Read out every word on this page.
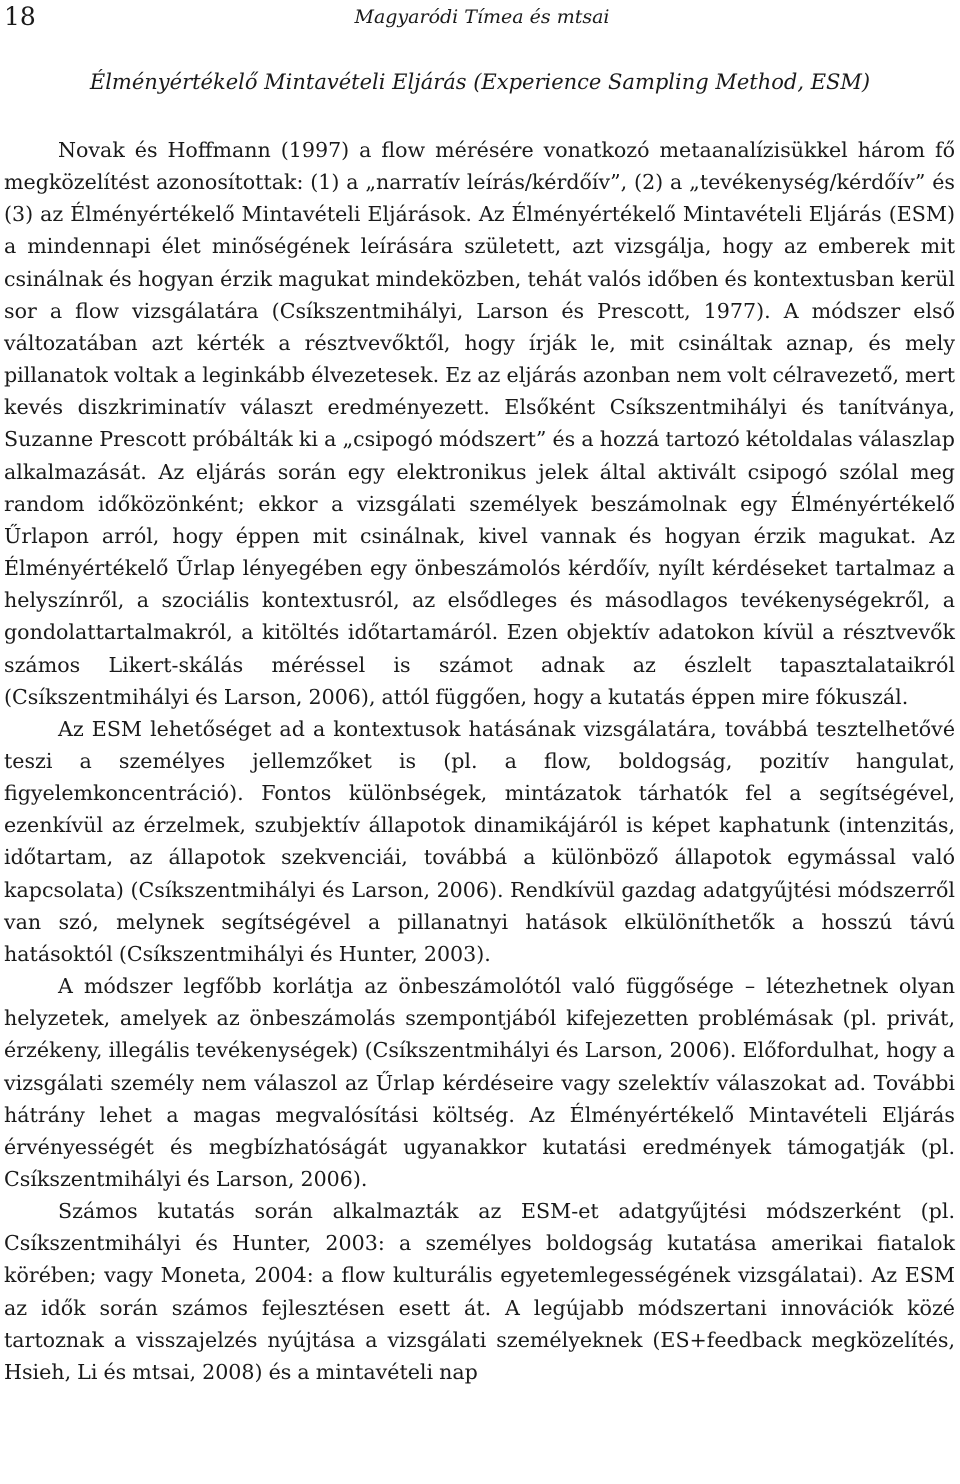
18	Magyaródi Tímea és mtsai
Élményértékelő Mintavételi Eljárás (Experience Sampling Method, ESM)

Novak és Hoffmann (1997) a flow mérésére vonatkozó metaanalízisükkel három fő megközelítést azonosítottak: (1) a „narratív leírás/kérdőív”, (2) a „tevékenység/kérdőív” és (3) az Élményértékelő Mintavételi Eljárások. Az Élményértékelő Mintavételi Eljárás (ESM) a mindennapi élet minőségének leírására született, azt vizsgálja, hogy az emberek mit csinálnak és hogyan érzik magukat mindeközben, tehát valós időben és kontextusban kerül sor a flow vizsgálatára (Csíkszentmihályi, Larson és Prescott, 1977). A módszer első változatában azt kérték a résztvevőktől, hogy írják le, mit csináltak aznap, és mely pillanatok voltak a leginkább élvezetesek. Ez az eljárás azonban nem volt célravezető, mert kevés diszkriminatív választ eredményezett. Elsőként Csíkszentmihályi és tanítványa, Suzanne Prescott próbálták ki a „csipogó módszert” és a hozzá tartozó kétoldalas válaszlap alkalmazását. Az eljárás során egy elektronikus jelek által aktivált csipogó szólal meg random időközönként; ekkor a vizsgálati személyek beszámolnak egy Élményértékelő Űrlapon arról, hogy éppen mit csinálnak, kivel vannak és hogyan érzik magukat. Az Élményértékelő Űrlap lényegében egy önbeszámolós kérdőív, nyílt kérdéseket tartalmaz a helyszínről, a szociális kontextusról, az elsődleges és másodlagos tevékenységekről, a gondolattartalmakról, a kitöltés időtartamáról. Ezen objektív adatokon kívül a résztvevők számos Likert-skálás méréssel is számot adnak az észlelt tapasztalataikról (Csíkszentmihályi és Larson, 2006), attól függően, hogy a kutatás éppen mire fókuszál.

Az ESM lehetőséget ad a kontextusok hatásának vizsgálatára, továbbá tesztelhetővé teszi a személyes jellemzőket is (pl. a flow, boldogság, pozitív hangulat, figyelemkoncentráció). Fontos különbségek, mintázatok tárhatók fel a segítségével, ezenkívül az érzelmek, szubjektív állapotok dinamikájáról is képet kaphatunk (intenzitás, időtartam, az állapotok szekvenciái, továbbá a különböző állapotok egymással való kapcsolata) (Csíkszentmihályi és Larson, 2006). Rendkívül gazdag adatgyűjtési módszerről van szó, melynek segítségével a pillanatnyi hatások elkülöníthetők a hosszú távú hatásoktól (Csíkszentmihályi és Hunter, 2003).

A módszer legfőbb korlátja az önbeszámolótól való függősége – létezhetnek olyan helyzetek, amelyek az önbeszámolás szempontjából kifejezetten problémásak (pl. privát, érzékeny, illegális tevékenységek) (Csíkszentmihályi és Larson, 2006). Előfordulhat, hogy a vizsgálati személy nem válaszol az Űrlap kérdéseire vagy szelektív válaszokat ad. További hátrány lehet a magas megvalósítási költség. Az Élményértékelő Mintavételi Eljárás érvényességét és megbízhatóságát ugyanakkor kutatási eredmények támogatják (pl. Csíkszentmihályi és Larson, 2006).

Számos kutatás során alkalmazták az ESM-et adatgyűjtési módszerként (pl. Csíkszentmihályi és Hunter, 2003: a személyes boldogság kutatása amerikai fiatalok körében; vagy Moneta, 2004: a flow kulturális egyetemlegességének vizsgálatai). Az ESM az idők során számos fejlesztésen esett át. A legújabb módszertani innovációk közé tartoznak a visszajelzés nyújtása a vizsgálati személyeknek (ES+feedback megközelítés, Hsieh, Li és mtsai, 2008) és a mintavételi nap
